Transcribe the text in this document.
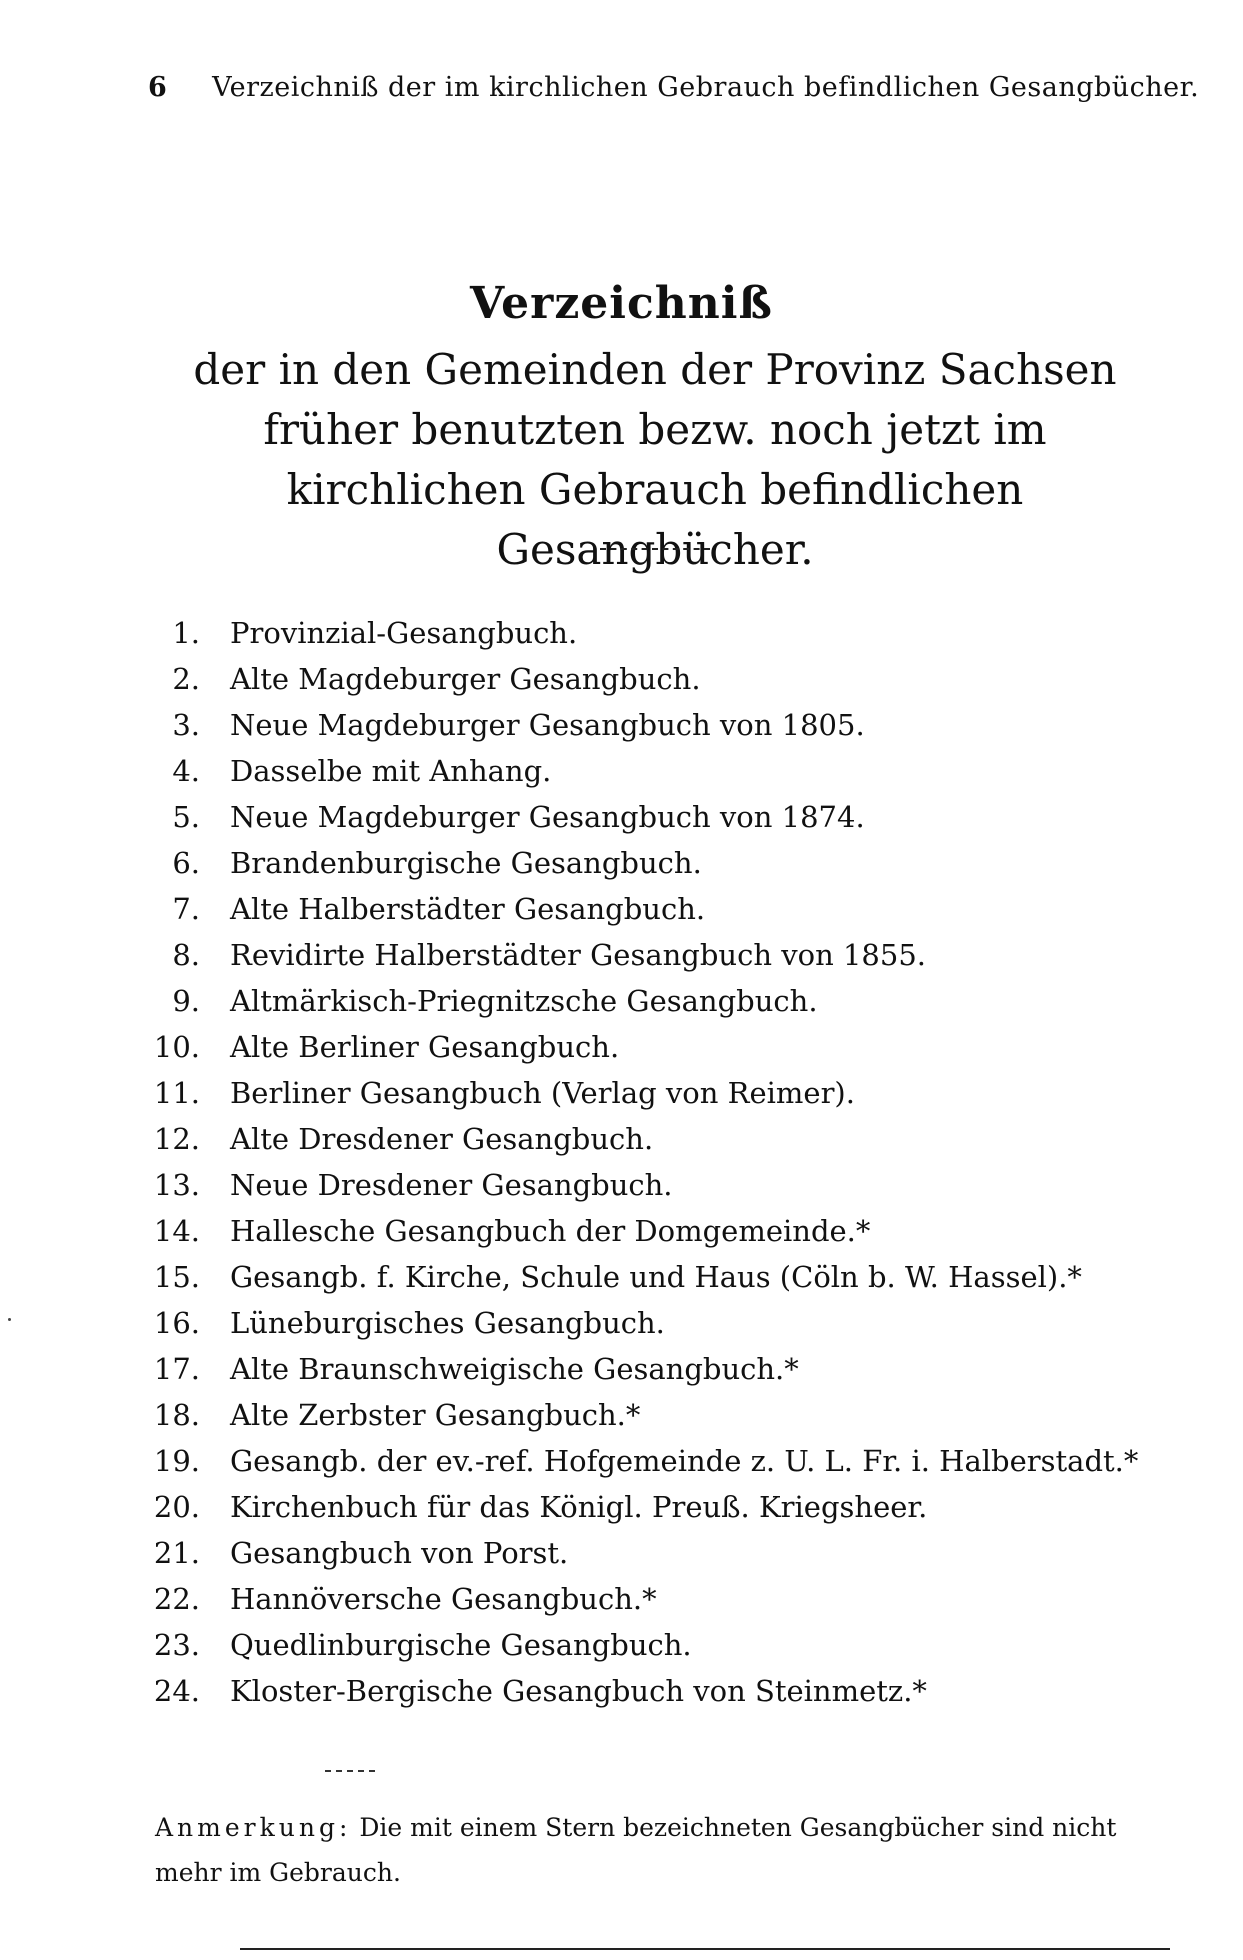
6 Verzeichniß der im kirchlichen Gebrauch befindlichen Gesangbücher.
Verzeichniß
der in den Gemeinden der Provinz Sachsen früher benutzten bezw. noch jetzt im kirchlichen Gebrauch befindlichen Gesangbücher.
1.	Provinzial-Gesangbuch.
2.	Alte Magdeburger Gesangbuch.
3.	Neue Magdeburger Gesangbuch von 1805.
4.	Dasselbe mit Anhang.
5.	Neue Magdeburger Gesangbuch von 1874.
6.	Brandenburgische Gesangbuch.
7.	Alte Halberstädter Gesangbuch.
8.	Revidirte Halberstädter Gesangbuch von 1855.
9.	Altmärkisch-Priegnitzsche Gesangbuch.
10.	Alte Berliner Gesangbuch.
11.	Berliner Gesangbuch (Verlag von Reimer).
12.	Alte Dresdener Gesangbuch.
13.	Neue Dresdener Gesangbuch.
14.	Hallesche Gesangbuch der Domgemeinde.*
15.	Gesangb. f. Kirche, Schule und Haus (Cöln b. W. Hassel).*
16.	Lüneburgisches Gesangbuch.
17.	Alte Braunschweigische Gesangbuch.*
18.	Alte Zerbster Gesangbuch.*
19.	Gesangb. der ev.-ref. Hofgemeinde z. U. L. Fr. i. Halberstadt.*
20.	Kirchenbuch für das Königl. Preuß. Kriegsheer.
21.	Gesangbuch von Porst.
22.	Hannöversche Gesangbuch.*
23.	Quedlinburgische Gesangbuch.
24.	Kloster-Bergische Gesangbuch von Steinmetz.*
Anmerkung: Die mit einem Stern bezeichneten Gesangbücher sind nicht mehr im Gebrauch.
